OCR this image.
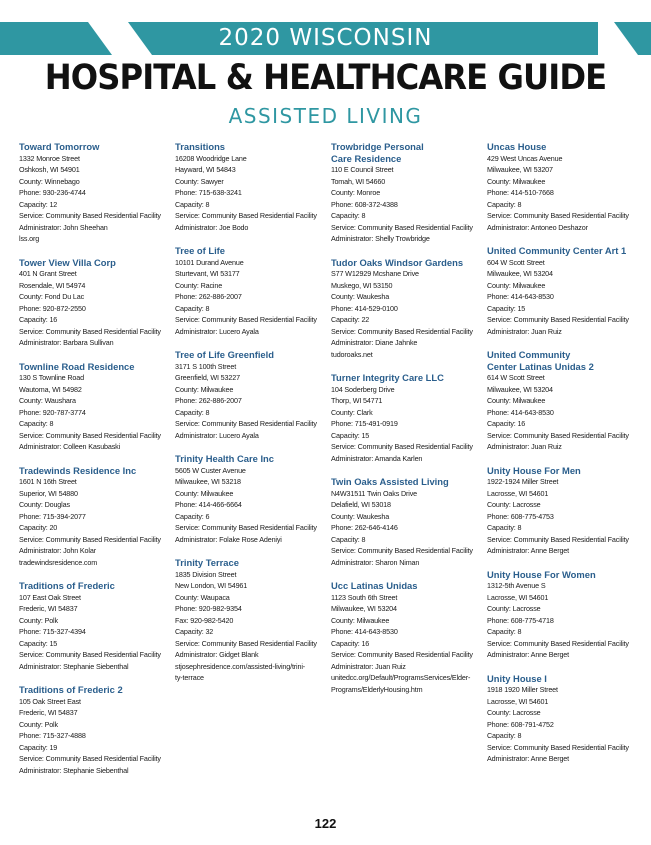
2020 WISCONSIN
HOSPITAL & HEALTHCARE GUIDE
ASSISTED LIVING
Toward Tomorrow
1332 Monroe Street
Oshkosh, WI 54901
County: Winnebago
Phone: 930-236-4744
Capacity: 12
Service: Community Based Residential Facility
Administrator: John Sheehan
lss.org
Tower View Villa Corp
401 N Grant Street
Rosendale, WI 54974
County: Fond Du Lac
Phone: 920-872-2550
Capacity: 16
Service: Community Based Residential Facility
Administrator: Barbara Sullivan
Townline Road Residence
130 S Townline Road
Wautoma, WI 54982
County: Waushara
Phone: 920-787-3774
Capacity: 8
Service: Community Based Residential Facility
Administrator: Colleen Kasubaski
Tradewinds Residence Inc
1601 N 16th Street
Superior, WI 54880
County: Douglas
Phone: 715-394-2077
Capacity: 20
Service: Community Based Residential Facility
Administrator: John Kolar
tradewindsresidence.com
Traditions of Frederic
107 East Oak Street
Frederic, WI 54837
County: Polk
Phone: 715-327-4394
Capacity: 15
Service: Community Based Residential Facility
Administrator: Stephanie Siebenthal
Traditions of Frederic 2
105 Oak Street East
Frederic, WI 54837
County: Polk
Phone: 715-327-4888
Capacity: 19
Service: Community Based Residential Facility
Administrator: Stephanie Siebenthal
Transitions
16208 Woodridge Lane
Hayward, WI 54843
County: Sawyer
Phone: 715-638-3241
Capacity: 8
Service: Community Based Residential Facility
Administrator: Joe Bodo
Tree of Life
10101 Durand Avenue
Sturtevant, WI 53177
County: Racine
Phone: 262-886-2007
Capacity: 8
Service: Community Based Residential Facility
Administrator: Lucero Ayala
Tree of Life Greenfield
3171 S 100th Street
Greenfield, WI 53227
County: Milwaukee
Phone: 262-886-2007
Capacity: 8
Service: Community Based Residential Facility
Administrator: Lucero Ayala
Trinity Health Care Inc
5605 W Custer Avenue
Milwaukee, WI 53218
County: Milwaukee
Phone: 414-466-6664
Capacity: 6
Service: Community Based Residential Facility
Administrator: Folake Rose Adeniyi
Trinity Terrace
1835 Division Street
New London, WI 54961
County: Waupaca
Phone: 920-982-9354
Fax: 920-982-5420
Capacity: 32
Service: Community Based Residential Facility
Administrator: Gidget Blank
stjosephresidence.com/assisted-living/trini-
ty-terrace
Trowbridge Personal
Care Residence
110 E Council Street
Tomah, WI 54660
County: Monroe
Phone: 608-372-4388
Capacity: 8
Service: Community Based Residential Facility
Administrator: Shelly Trowbridge
Tudor Oaks Windsor Gardens
S77 W12929 Mcshane Drive
Muskego, WI 53150
County: Waukesha
Phone: 414-529-0100
Capacity: 22
Service: Community Based Residential Facility
Administrator: Diane Jahnke
tudoroaks.net
Turner Integrity Care LLC
104 Soderberg Drive
Thorp, WI 54771
County: Clark
Phone: 715-491-0919
Capacity: 15
Service: Community Based Residential Facility
Administrator: Amanda Karlen
Twin Oaks Assisted Living
N4W31511 Twin Oaks Drive
Delafield, WI 53018
County: Waukesha
Phone: 262-646-4146
Capacity: 8
Service: Community Based Residential Facility
Administrator: Sharon Niman
Ucc Latinas Unidas
1123 South 6th Street
Milwaukee, WI 53204
County: Milwaukee
Phone: 414-643-8530
Capacity: 16
Service: Community Based Residential Facility
Administrator: Juan Ruiz
unitedcc.org/Default/ProgramsServices/Elder-
Programs/ElderlyHousing.htm
Uncas House
429 West Uncas Avenue
Milwaukee, WI 53207
County: Milwaukee
Phone: 414-510-7668
Capacity: 8
Service: Community Based Residential Facility
Administrator: Antoneo Deshazor
United Community Center Art 1
604 W Scott Street
Milwaukee, WI 53204
County: Milwaukee
Phone: 414-643-8530
Capacity: 15
Service: Community Based Residential Facility
Administrator: Juan Ruiz
United Community
Center Latinas Unidas 2
614 W Scott Street
Milwaukee, WI 53204
County: Milwaukee
Phone: 414-643-8530
Capacity: 16
Service: Community Based Residential Facility
Administrator: Juan Ruiz
Unity House For Men
1922-1924 Miller Street
Lacrosse, WI 54601
County: Lacrosse
Phone: 608-775-4753
Capacity: 8
Service: Community Based Residential Facility
Administrator: Anne Berget
Unity House For Women
1312-5th Avenue S
Lacrosse, WI 54601
County: Lacrosse
Phone: 608-775-4718
Capacity: 8
Service: Community Based Residential Facility
Administrator: Anne Berget
Unity House I
1918 1920 Miller Street
Lacrosse, WI 54601
County: Lacrosse
Phone: 608-791-4752
Capacity: 8
Service: Community Based Residential Facility
Administrator: Anne Berget
122
